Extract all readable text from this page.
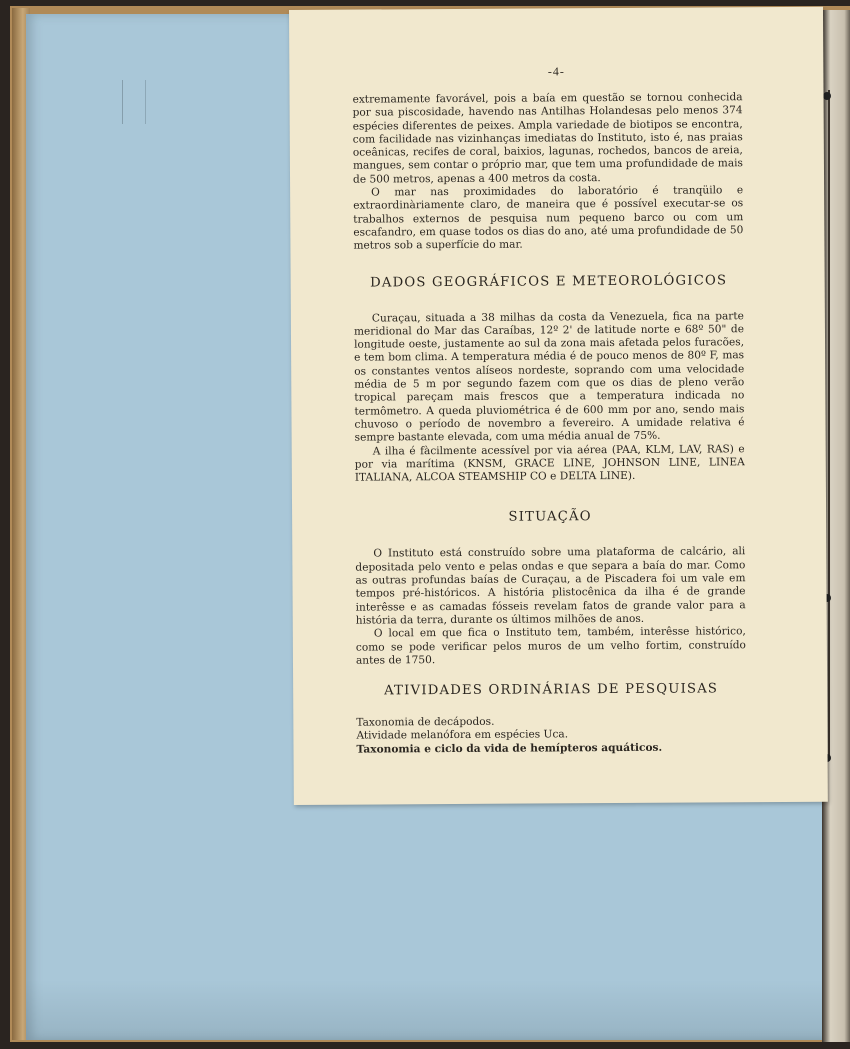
-4-

extremamente favorável, pois a baía em questão se tornou conhecida por sua piscosidade, havendo nas Antilhas Holandesas pelo menos 374 espécies diferentes de peixes. Ampla variedade de biotipos se encontra, com facilidade nas vizinhanças imediatas do Instituto, isto é, nas praias oceânicas, recifes de coral, baixios, lagunas, rochedos, bancos de areia, mangues, sem contar o próprio mar, que tem uma profundidade de mais de 500 metros, apenas a 400 metros da costa.

O mar nas proximidades do laboratório é tranqüilo e extraordinàriamente claro, de maneira que é possível executar-se os trabalhos externos de pesquisa num pequeno barco ou com um escafandro, em quase todos os dias do ano, até uma profundidade de 50 metros sob a superfície do mar.

DADOS GEOGRÁFICOS E METEOROLÓGICOS

Curaçau, situada a 38 milhas da costa da Venezuela, fica na parte meridional do Mar das Caraíbas, 12º 2' de latitude norte e 68º 50" de longitude oeste, justamente ao sul da zona mais afetada pelos furacões, e tem bom clima. A temperatura média é de pouco menos de 80º F, mas os constantes ventos alíseos nordeste, soprando com uma velocidade média de 5 m por segundo fazem com que os dias de pleno verão tropical pareçam mais frescos que a temperatura indicada no termômetro. A queda pluviométrica é de 600 mm por ano, sendo mais chuvoso o período de novembro a fevereiro. A umidade relativa é sempre bastante elevada, com uma média anual de 75%.

A ilha é fàcilmente acessível por via aérea (PAA, KLM, LAV, RAS) e por via marítima (KNSM, GRACE LINE, JOHNSON LINE, LINEA ITALIANA, ALCOA STEAMSHIP CO e DELTA LINE).

SITUAÇÃO

O Instituto está construído sobre uma plataforma de calcário, ali depositada pelo vento e pelas ondas e que separa a baía do mar. Como as outras profundas baías de Curaçau, a de Piscadera foi um vale em tempos pré-históricos. A história plistocênica da ilha é de grande interêsse e as camadas fósseis revelam fatos de grande valor para a história da terra, durante os últimos milhões de anos.

O local em que fica o Instituto tem, também, interêsse histórico, como se pode verificar pelos muros de um velho fortim, construído antes de 1750.

ATIVIDADES ORDINÁRIAS DE PESQUISAS
Taxonomia de decápodos.
Atividade melanófora em espécies Uca.
Taxonomia e ciclo da vida de hemípteros aquáticos.
